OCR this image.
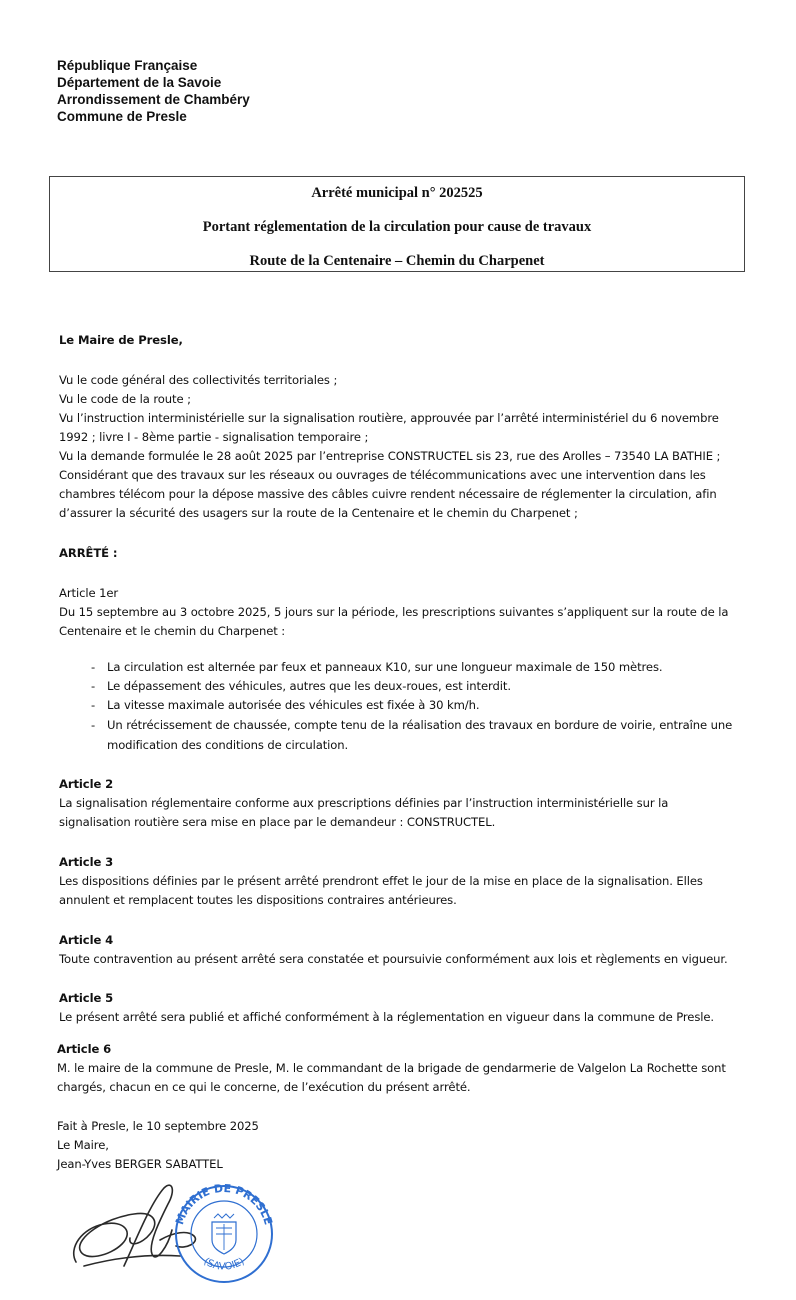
République Française
Département de la Savoie
Arrondissement de Chambéry
Commune de Presle
Arrêté municipal n° 202525
Portant réglementation de la circulation pour cause de travaux
Route de la Centenaire – Chemin du Charpenet
Le Maire de Presle,
Vu le code général des collectivités territoriales ;
Vu le code de la route ;
Vu l’instruction interministérielle sur la signalisation routière, approuvée par l’arrêté interministériel du 6 novembre
1992 ; livre I - 8ème partie - signalisation temporaire ;
Vu la demande formulée le 28 août 2025 par l’entreprise CONSTRUCTEL sis 23, rue des Arolles – 73540 LA BATHIE ;
Considérant que des travaux sur les réseaux ou ouvrages de télécommunications avec une intervention dans les
chambres télécom pour la dépose massive des câbles cuivre rendent nécessaire de réglementer la circulation, afin
d’assurer la sécurité des usagers sur la route de la Centenaire et le chemin du Charpenet ;
ARRÊTÉ :
Article 1er
Du 15 septembre au 3 octobre 2025, 5 jours sur la période, les prescriptions suivantes s’appliquent sur la route de la
Centenaire et le chemin du Charpenet :
- La circulation est alternée par feux et panneaux K10, sur une longueur maximale de 150 mètres.
- Le dépassement des véhicules, autres que les deux-roues, est interdit.
- La vitesse maximale autorisée des véhicules est fixée à 30 km/h.
- Un rétrécissement de chaussée, compte tenu de la réalisation des travaux en bordure de voirie, entraîne une
modification des conditions de circulation.
Article 2
La signalisation réglementaire conforme aux prescriptions définies par l’instruction interministérielle sur la
signalisation routière sera mise en place par le demandeur : CONSTRUCTEL.
Article 3
Les dispositions définies par le présent arrêté prendront effet le jour de la mise en place de la signalisation. Elles
annulent et remplacent toutes les dispositions contraires antérieures.
Article 4
Toute contravention au présent arrêté sera constatée et poursuivie conformément aux lois et règlements en vigueur.
Article 5
Le présent arrêté sera publié et affiché conformément à la réglementation en vigueur dans la commune de Presle.
Article 6
M. le maire de la commune de Presle, M. le commandant de la brigade de gendarmerie de Valgelon La Rochette sont
chargés, chacun en ce qui le concerne, de l’exécution du présent arrêté.
Fait à Presle, le 10 septembre 2025
Le Maire,
Jean-Yves BERGER SABATTEL
MAIRIE DE PRESLE
(SAVOIE)
